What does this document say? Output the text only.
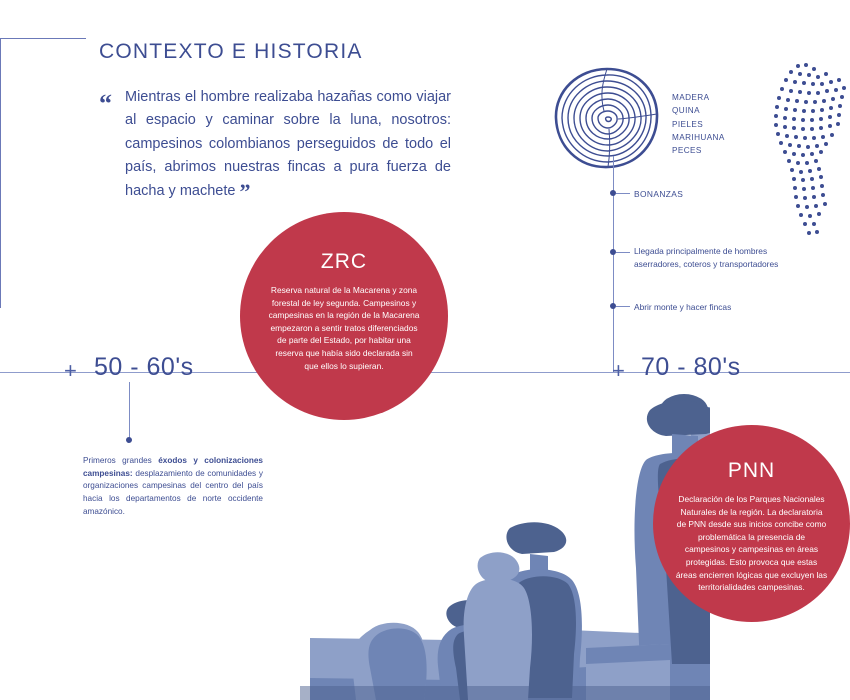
CONTEXTO E HISTORIA
“ Mientras el hombre realizaba hazañas como viajar al espacio y caminar sobre la luna, nosotros: campesinos colombianos perseguidos de todo el país, abrimos nuestras fincas a pura fuerza de hacha y machete ”

MADERA
QUINA
PIELES
MARIHUANA
PECES
BONANZAS
Llegada principalmente de hombres aserradores, coteros y transportadores
Abrir monte y hacer fincas
+ 50 - 60's	+ 70 - 80's
Primeros grandes éxodos y colonizaciones campesinas: desplazamiento de comunidades y organizaciones campesinas del centro del país hacia los departamentos de norte occidente amazónico.
ZRC
Reserva natural de la Macarena y zona forestal de ley segunda. Campesinos y campesinas en la región de la Macarena empezaron a sentir tratos diferenciados de parte del Estado, por habitar una reserva que había sido declarada sin que ellos lo supieran.
PNN
Declaración de los Parques Nacionales Naturales de la región. La declaratoria de PNN desde sus inicios concibe como problemática la presencia de campesinos y campesinas en áreas protegidas. Esto provoca que estas áreas encierren lógicas que excluyen las territorialidades campesinas.
